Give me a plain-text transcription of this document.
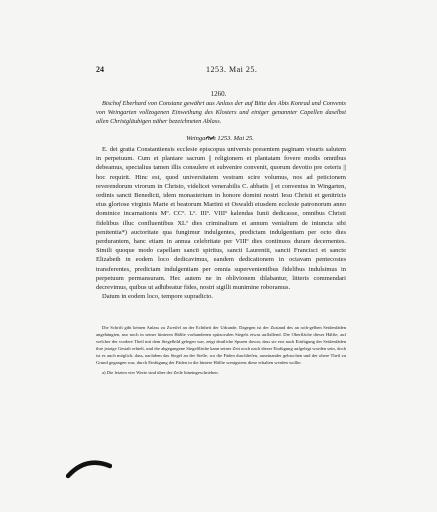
24	1253. Mai 25.
1260.
Bischof Eberhard von Constanz gewährt aus Anlass der auf Bitte des Abts Konrad und Convents von Weingarten vollzogenen Einweihung des Klosters und einiger genannter Capellen daselbst allen Christgläubigen näher bezeichneten Ablass.
Weingarten 1253. Mai 25.

E. dei gratia Constantiensis ecclesie episcopus universis presentem paginam visuris salutem in perpetuum. Cum et plantare sacrum || religionem et plantatam fovere modis omnibus debeamus, specialius tamen illis consulere et subvenire convenit, quorum devotio pre ceteris || hoc requirit. Hinc est, quod universitatem vestram scire volumus, nos ad peticionem reverendorum virorum in Christo, videlicet venerabilis C. abbatis || et conventus in Wingarten, ordinis sancti Benedicti, idem monasterium in honore domini nostri Iesu Christi et genitricis eius gloriose virginis Marie et beatorum Martini et Oswaldi eiusdem ecclesie patronorum anno dominice incarnationis Mº. CCº. Lº. IIIº. VIIIº kalendas Iunii dedicasse, omnibus Christi fidelibus illuc confluentibus XLª dies criminalium et annum venialium de iniuncta sibi penitentia*) auctoritate qua fungimur indulgentes, predictam indulgentiam per octo dies perdurantem, hanc etiam in annua celebritate per VIIIº dies continuos durare decernentes. Simili quoque modo capellam sancti spiritus, sancti Laurentii, sancti Francisci et sancte Elizabeth in eodem loco dedicavimus, eandem dedicationem in octavam pentecostes transferentes, predictam indulgentiam per omnia supervenientibus fidelibus indulsimus in perpetuum permansuram. Hec autem ne in oblivionem dilabantur, litteris commendari decrevimus, quibus ut adhibeatur fides, nostri sigilli munimine roboramus.

Datum in eodem loco, tempore supradicto.

Die Schrift gibt keinen Anlass zu Zweifel an der Echtheit der Urkunde. Dagegen ist der Zustand des an roth-gelben Seidenfäden angehängten, nur noch in seiner hinteren Hälfte vorhandenen spitzovalen Siegels etwas auffallend. Die Oberfläche dieser Hälfte, auf welcher der vordere Theil mit dem Siegelbild gelegen war, zeigt deutliche Spuren davon, dass sie erst nach Einfügung der Seidenfäden ihre jetzige Gestalt erhielt, und die abgegangene Siegelfläche kann seiner Zeit noch nach dieser Einfügung aufgelegt worden sein, doch ist es auch möglich, dass, nachdem das Siegel an der Stelle, wo die Fäden durchliefen, auseinander gebrochen und der obere Theil zu Grund gegangen war, durch Einfügung der Fäden in die hintere Hälfte wenigstens diese erhalten werden wollte.

a) Die letzten vier Worte sind über der Zeile hineingeschrieben.
